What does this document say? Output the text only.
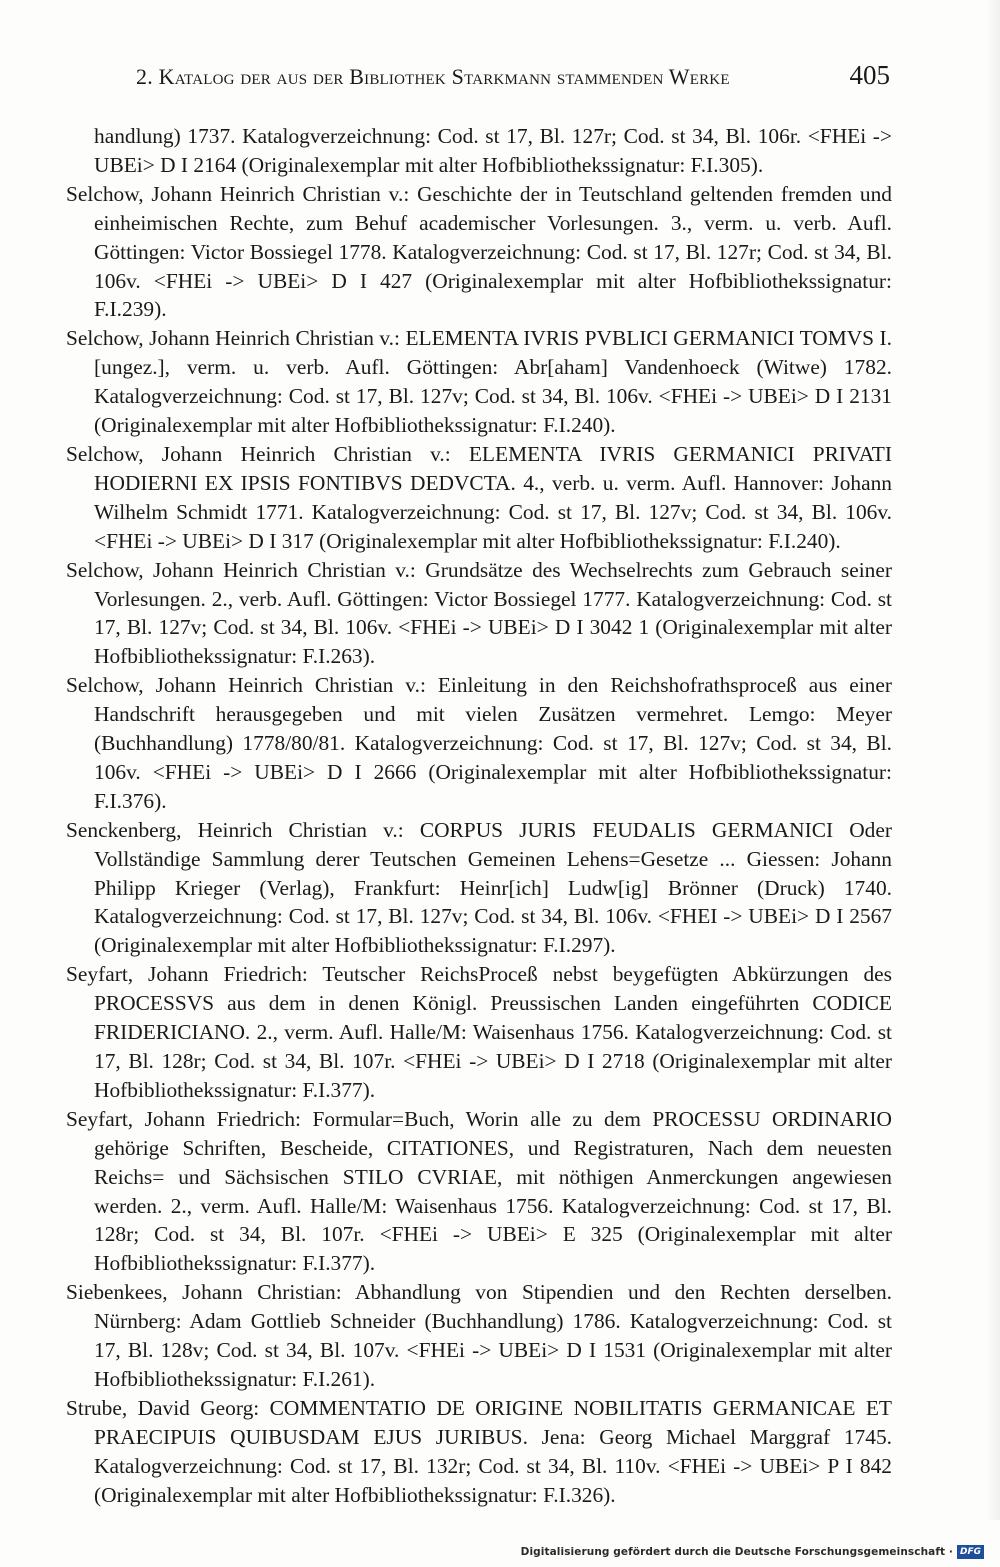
2. Katalog der aus der Bibliothek Starkmann stammenden Werke	405
handlung) 1737. Katalogverzeichnung: Cod. st 17, Bl. 127r; Cod. st 34, Bl. 106r. <FHEi -> UBEi> D I 2164 (Originalexemplar mit alter Hofbibliothekssignatur: F.I.305).
Selchow, Johann Heinrich Christian v.: Geschichte der in Teutschland geltenden fremden und einheimischen Rechte, zum Behuf academischer Vorlesungen. 3., verm. u. verb. Aufl. Göttingen: Victor Bossiegel 1778. Katalogverzeichnung: Cod. st 17, Bl. 127r; Cod. st 34, Bl. 106v. <FHEi -> UBEi> D I 427 (Originalexemplar mit alter Hofbibliothekssignatur: F.I.239).
Selchow, Johann Heinrich Christian v.: ELEMENTA IVRIS PVBLICI GERMANICI TOMVS I. [ungez.], verm. u. verb. Aufl. Göttingen: Abr[aham] Vandenhoeck (Witwe) 1782. Katalogverzeichnung: Cod. st 17, Bl. 127v; Cod. st 34, Bl. 106v. <FHEi -> UBEi> D I 2131 (Originalexemplar mit alter Hofbibliothekssignatur: F.I.240).
Selchow, Johann Heinrich Christian v.: ELEMENTA IVRIS GERMANICI PRIVATI HODIERNI EX IPSIS FONTIBVS DEDVCTA. 4., verb. u. verm. Aufl. Hannover: Johann Wilhelm Schmidt 1771. Katalogverzeichnung: Cod. st 17, Bl. 127v; Cod. st 34, Bl. 106v. <FHEi -> UBEi> D I 317 (Originalexemplar mit alter Hofbibliothekssignatur: F.I.240).
Selchow, Johann Heinrich Christian v.: Grundsätze des Wechselrechts zum Gebrauch seiner Vorlesungen. 2., verb. Aufl. Göttingen: Victor Bossiegel 1777. Katalogverzeichnung: Cod. st 17, Bl. 127v; Cod. st 34, Bl. 106v. <FHEi -> UBEi> D I 3042 1 (Originalexemplar mit alter Hofbibliothekssignatur: F.I.263).
Selchow, Johann Heinrich Christian v.: Einleitung in den Reichshofrathsproceß aus einer Handschrift herausgegeben und mit vielen Zusätzen vermehret. Lemgo: Meyer (Buchhandlung) 1778/80/81. Katalogverzeichnung: Cod. st 17, Bl. 127v; Cod. st 34, Bl. 106v. <FHEi -> UBEi> D I 2666 (Originalexemplar mit alter Hofbibliothekssignatur: F.I.376).
Senckenberg, Heinrich Christian v.: CORPUS JURIS FEUDALIS GERMANICI Oder Vollständige Sammlung derer Teutschen Gemeinen Lehens=Gesetze ... Giessen: Johann Philipp Krieger (Verlag), Frankfurt: Heinr[ich] Ludw[ig] Brönner (Druck) 1740. Katalogverzeichnung: Cod. st 17, Bl. 127v; Cod. st 34, Bl. 106v. <FHEI -> UBEi> D I 2567 (Originalexemplar mit alter Hofbibliothekssignatur: F.I.297).
Seyfart, Johann Friedrich: Teutscher ReichsProceß nebst beygefügten Abkürzungen des PROCESSVS aus dem in denen Königl. Preussischen Landen eingeführten CODICE FRIDERICIANO. 2., verm. Aufl. Halle/M: Waisenhaus 1756. Katalogverzeichnung: Cod. st 17, Bl. 128r; Cod. st 34, Bl. 107r. <FHEi -> UBEi> D I 2718 (Originalexemplar mit alter Hofbibliothekssignatur: F.I.377).
Seyfart, Johann Friedrich: Formular=Buch, Worin alle zu dem PROCESSU ORDINARIO gehörige Schriften, Bescheide, CITATIONES, und Registraturen, Nach dem neuesten Reichs= und Sächsischen STILO CVRIAE, mit nöthigen Anmerckungen angewiesen werden. 2., verm. Aufl. Halle/M: Waisenhaus 1756. Katalogverzeichnung: Cod. st 17, Bl. 128r; Cod. st 34, Bl. 107r. <FHEi -> UBEi> E 325 (Originalexemplar mit alter Hofbibliothekssignatur: F.I.377).
Siebenkees, Johann Christian: Abhandlung von Stipendien und den Rechten derselben. Nürnberg: Adam Gottlieb Schneider (Buchhandlung) 1786. Katalogverzeichnung: Cod. st 17, Bl. 128v; Cod. st 34, Bl. 107v. <FHEi -> UBEi> D I 1531 (Originalexemplar mit alter Hofbibliothekssignatur: F.I.261).
Strube, David Georg: COMMENTATIO DE ORIGINE NOBILITATIS GERMANICAE ET PRAECIPUIS QUIBUSDAM EJUS JURIBUS. Jena: Georg Michael Marggraf 1745. Katalogverzeichnung: Cod. st 17, Bl. 132r; Cod. st 34, Bl. 110v. <FHEi -> UBEi> P I 842 (Originalexemplar mit alter Hofbibliothekssignatur: F.I.326).
Digitalisierung gefördert durch die Deutsche Forschungsgemeinschaft · DFG
